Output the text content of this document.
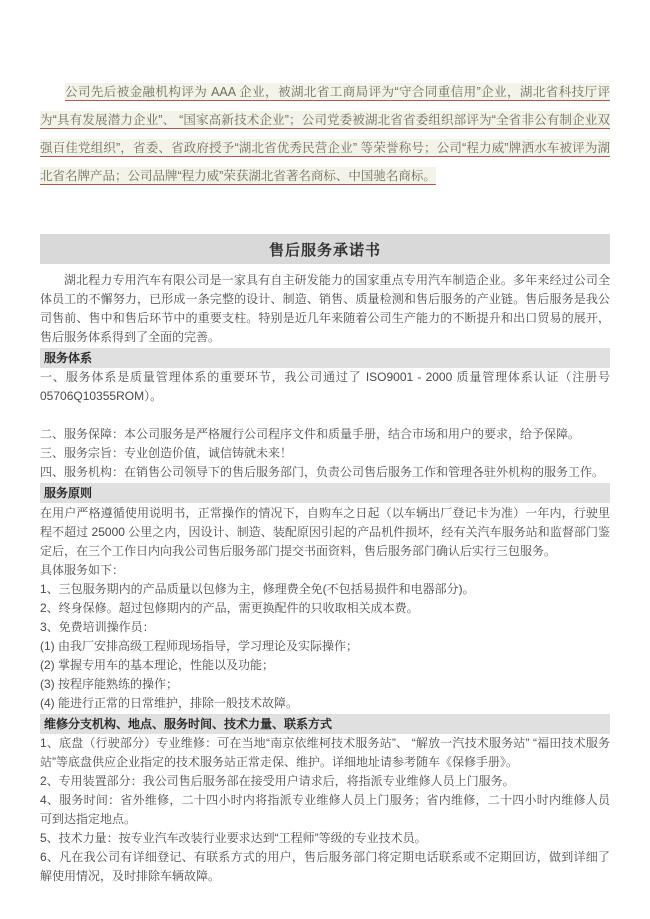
公司先后被金融机构评为 AAA 企业，被湖北省工商局评为“守合同重信用”企业，湖北省科技厅评为“具有发展潜力企业”、 “国家高新技术企业”；公司党委被湖北省省委组织部评为“全省非公有制企业双强百佳党组织”，省委、省政府授予“湖北省优秀民营企业” 等荣誉称号；公司“程力威”牌洒水车被评为湖北省名牌产品；公司品牌“程力威”荣获湖北省著名商标、中国驰名商标。

售后服务承诺书

湖北程力专用汽车有限公司是一家具有自主研发能力的国家重点专用汽车制造企业。多年来经过公司全体员工的不懈努力，已形成一条完整的设计、制造、销售、质量检测和售后服务的产业链。售后服务是我公司售前、售中和售后环节中的重要支柱。特别是近几年来随着公司生产能力的不断提升和出口贸易的展开，售后服务体系得到了全面的完善。

服务体系
一、服务体系是质量管理体系的重要环节，我公司通过了 ISO9001 - 2000 质量管理体系认证（注册号 05706Q10355ROM）。
二、服务保障：本公司服务是严格履行公司程序文件和质量手册，结合市场和用户的要求，给予保障。
三、服务宗旨：专业创造价值，诚信铸就未来！
四、服务机构：在销售公司领导下的售后服务部门，负责公司售后服务工作和管理各驻外机构的服务工作。
服务原则

在用户严格遵循使用说明书，正常操作的情况下，自购车之日起（以车辆出厂登记卡为准）一年内，行驶里程不超过 25000 公里之内，因设计、制造、装配原因引起的产品机件损坏，经有关汽车服务站和监督部门鉴定后，在三个工作日内向我公司售后服务部门提交书面资料，售后服务部门确认后实行三包服务。

具体服务如下：
1、三包服务期内的产品质量以包修为主，修理费全免(不包括易损件和电器部分)。
2、终身保修。超过包修期内的产品，需更换配件的只收取相关成本费。
3、免费培训操作员：
(1) 由我厂安排高级工程师现场指导，学习理论及实际操作；
(2) 掌握专用车的基本理论，性能以及功能；
(3) 按程序能熟练的操作；
(4) 能进行正常的日常维护，排除一般技术故障。
维修分支机构、地点、服务时间、技术力量、联系方式
1、底盘（行驶部分）专业维修：可在当地“南京依维柯技术服务站”、 “解放一汽技术服务站” “福田技术服务站”等底盘供应企业指定的技术服务站正常走保、维护。详细地址请参考随车《保修手册》。
2、专用装置部分：我公司售后服务部在接受用户请求后，将指派专业维修人员上门服务。
4、服务时间：省外维修，二十四小时内将指派专业维修人员上门服务；省内维修，二十四小时内维修人员可到达指定地点。
5、技术力量：按专业汽车改装行业要求达到“工程师”等级的专业技术员。
6、凡在我公司有详细登记、有联系方式的用户，售后服务部门将定期电话联系或不定期回访，做到详细了解使用情况，及时排除车辆故障。
